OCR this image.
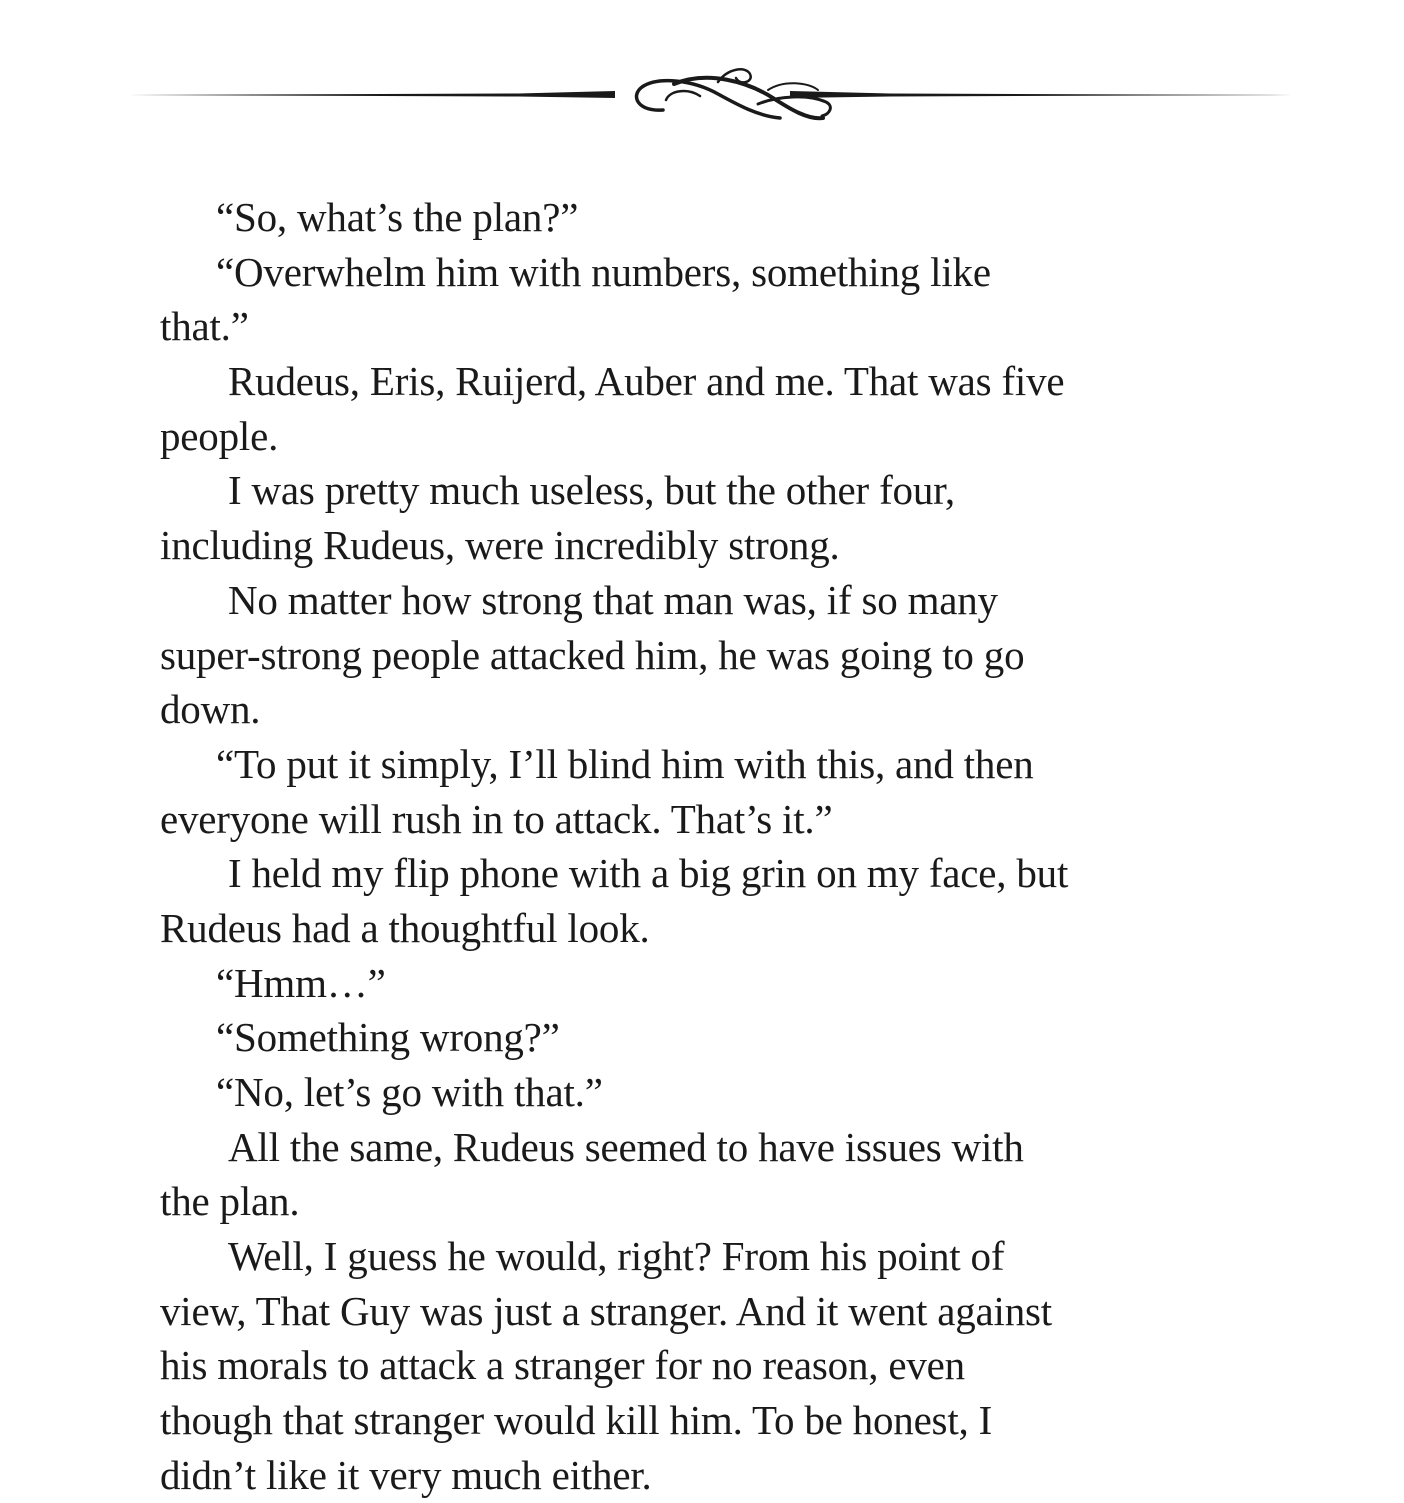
“So, what’s the plan?”
“Overwhelm him with numbers, something like
that.”
Rudeus, Eris, Ruijerd, Auber and me. That was five
people.
I was pretty much useless, but the other four,
including Rudeus, were incredibly strong.
No matter how strong that man was, if so many
super-strong people attacked him, he was going to go
down.
“To put it simply, I’ll blind him with this, and then
everyone will rush in to attack. That’s it.”
I held my flip phone with a big grin on my face, but
Rudeus had a thoughtful look.
“Hmm…”
“Something wrong?”
“No, let’s go with that.”
All the same, Rudeus seemed to have issues with
the plan.
Well, I guess he would, right? From his point of
view, That Guy was just a stranger. And it went against
his morals to attack a stranger for no reason, even
though that stranger would kill him. To be honest, I
didn’t like it very much either.
